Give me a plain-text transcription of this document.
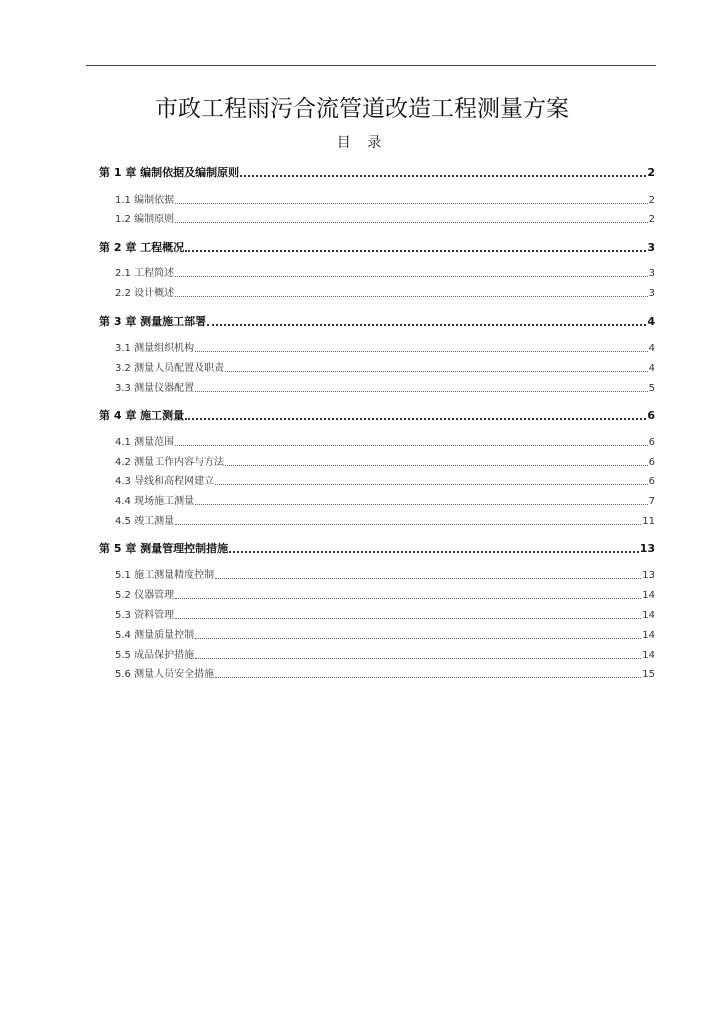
市政工程雨污合流管道改造工程测量方案
目 录
第 1 章 编制依据及编制原则	2
1.1 编制依据	2
1.2 编制原则	2
第 2 章 工程概况	3
2.1 工程简述	3
2.2 设计概述	3
第 3 章 测量施工部署	4
3.1 测量组织机构	4
3.2 测量人员配置及职责	4
3.3 测量仪器配置	5
第 4 章 施工测量	6
4.1 测量范围	6
4.2 测量工作内容与方法	6
4.3 导线和高程网建立	6
4.4 现场施工测量	7
4.5 竣工测量	11
第 5 章 测量管理控制措施	13
5.1 施工测量精度控制	13
5.2 仪器管理	14
5.3 资料管理	14
5.4 测量质量控制	14
5.5 成品保护措施	14
5.6 测量人员安全措施	15
